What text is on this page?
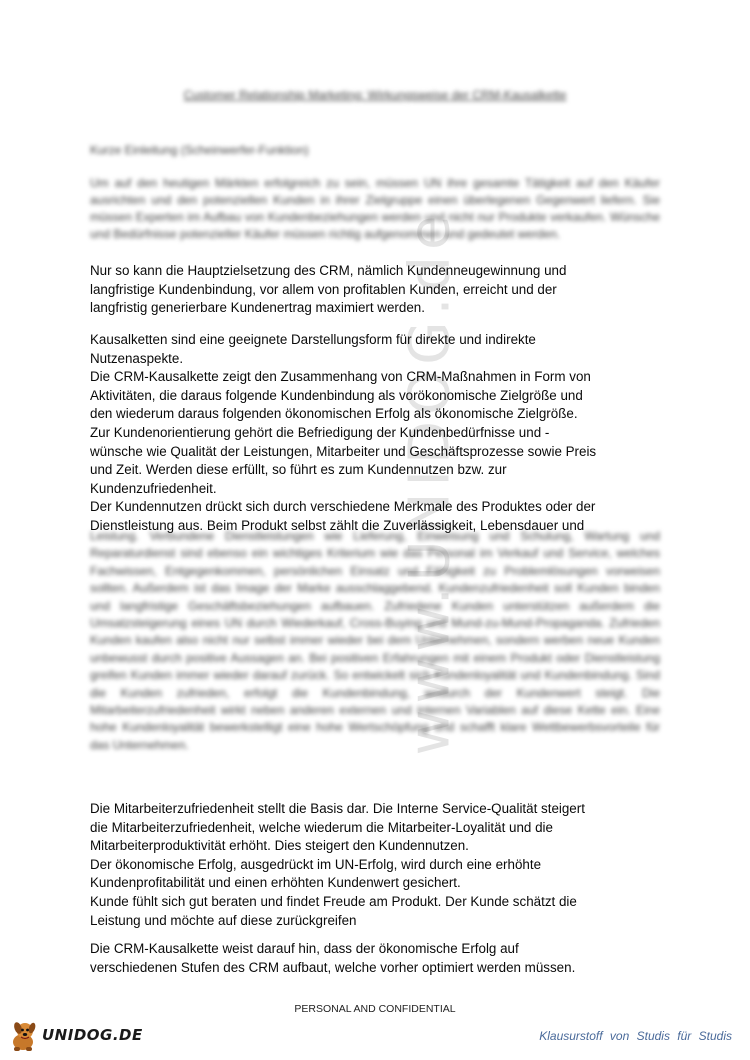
www.UNIDOG.de

Customer Relationship Marketing: Wirkungsweise der CRM-Kausalkette

Kurze Einleitung (Scheinwerfer-Funktion)

Um auf den heutigen Märkten erfolgreich zu sein, müssen UN ihre gesamte Tätigkeit auf den Käufer ausrichten und den potenziellen Kunden in ihrer Zielgruppe einen überlegenen Gegenwert liefern. Sie müssen Experten im Aufbau von Kundenbeziehungen werden und nicht nur Produkte verkaufen. Wünsche und Bedürfnisse potenzieller Käufer müssen richtig aufgenommen und gedeutet werden.

Nur so kann die Hauptzielsetzung des CRM, nämlich Kundenneugewinnung und

langfristige Kundenbindung, vor allem von profitablen Kunden, erreicht und der

langfristig generierbare Kundenertrag maximiert werden.

Kausalketten sind eine geeignete Darstellungsform für direkte und indirekte

Nutzenaspekte.

Die CRM-Kausalkette zeigt den Zusammenhang von CRM-Maßnahmen in Form von

Aktivitäten, die daraus folgende Kundenbindung als vorökonomische Zielgröße und

den wiederum daraus folgenden ökonomischen Erfolg als ökonomische Zielgröße.

Zur Kundenorientierung gehört die Befriedigung der Kundenbedürfnisse und -

wünsche wie Qualität der Leistungen, Mitarbeiter und Geschäftsprozesse sowie Preis

und Zeit. Werden diese erfüllt, so führt es zum Kundennutzen bzw. zur

Kundenzufriedenheit.

Der Kundennutzen drückt sich durch verschiedene Merkmale des Produktes oder der

Dienstleistung aus. Beim Produkt selbst zählt die Zuverlässigkeit, Lebensdauer und

Leistung. Verbundene Dienstleistungen wie Lieferung, Einweisung und Schulung, Wartung und Reparaturdienst sind ebenso ein wichtiges Kriterium wie das Personal im Verkauf und Service, welches Fachwissen, Entgegenkommen, persönlichen Einsatz und Fähigkeit zu Problemlösungen vorweisen sollten. Außerdem ist das Image der Marke ausschlaggebend. Kundenzufriedenheit soll Kunden binden und langfristige Geschäftsbeziehungen aufbauen. Zufriedene Kunden unterstützen außerdem die Umsatzsteigerung eines UN durch Wiederkauf, Cross-Buying und Mund-zu-Mund-Propaganda. Zufrieden Kunden kaufen also nicht nur selbst immer wieder bei dem Unternehmen, sondern werben neue Kunden unbewusst durch positive Aussagen an. Bei positiven Erfahrungen mit einem Produkt oder Dienstleistung greifen Kunden immer wieder darauf zurück. So entwickelt sich Kundenloyalität und Kundenbindung. Sind die Kunden zufrieden, erfolgt die Kundenbindung, wodurch der Kundenwert steigt. Die Mitarbeiterzufriedenheit wirkt neben anderen externen und internen Variablen auf diese Kette ein. Eine hohe Kundenloyalität bewerkstelligt eine hohe Wertschöpfung und schafft klare Wettbewerbsvorteile für das Unternehmen.

Die Mitarbeiterzufriedenheit stellt die Basis dar. Die Interne Service-Qualität steigert

die Mitarbeiterzufriedenheit, welche wiederum die Mitarbeiter-Loyalität und die

Mitarbeiterproduktivität erhöht. Dies steigert den Kundennutzen.

Der ökonomische Erfolg, ausgedrückt im UN-Erfolg, wird durch eine erhöhte

Kundenprofitabilität und einen erhöhten Kundenwert gesichert.

Kunde fühlt sich gut beraten und findet Freude am Produkt. Der Kunde schätzt die

Leistung und möchte auf diese zurückgreifen

Die CRM-Kausalkette weist darauf hin, dass der ökonomische Erfolg auf

verschiedenen Stufen des CRM aufbaut, welche vorher optimiert werden müssen.

PERSONAL AND CONFIDENTIAL

UNIDOG.DE	Klausurstoff von Studis für Studis
